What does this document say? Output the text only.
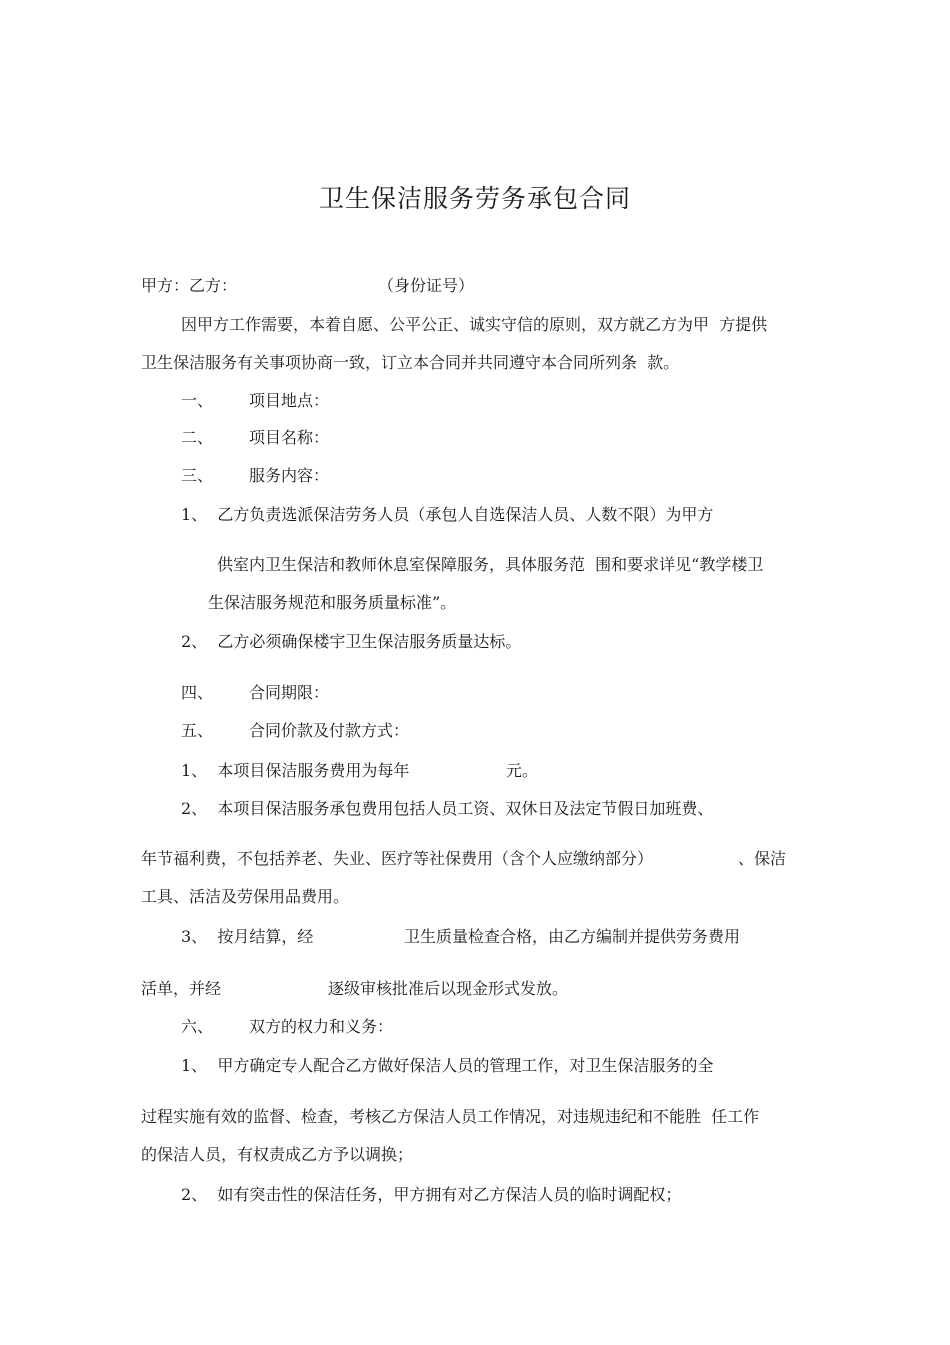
卫生保洁服务劳务承包合同
甲方：乙方：	（身份证号）
因甲方工作需要，本着自愿、公平公正、诚实守信的原则，双方就乙方为甲  方提供
卫生保洁服务有关事项协商一致，订立本合同并共同遵守本合同所列条  款。
一、 项目地点：
二、 项目名称：
三、 服务内容：
1、  乙方负责选派保洁劳务人员（承包人自选保洁人员、人数不限）为甲方
供室内卫生保洁和教师休息室保障服务，具体服务范  围和要求详见“教学楼卫
生保洁服务规范和服务质量标准”。
2、  乙方必须确保楼宇卫生保洁服务质量达标。
四、 合同期限：
五、 合同价款及付款方式：
1、  本项目保洁服务费用为每年	元。
2、  本项目保洁服务承包费用包括人员工资、双休日及法定节假日加班费、
年节福利费，不包括养老、失业、医疗等社保费用（含个人应缴纳部分）	、保洁
工具、活洁及劳保用品费用。
3、  按月结算，经	卫生质量检查合格，由乙方编制并提供劳务费用
活单，并经	逐级审核批准后以现金形式发放。
六、 双方的权力和义务：
1、  甲方确定专人配合乙方做好保洁人员的管理工作，对卫生保洁服务的全
过程实施有效的监督、检查，考核乙方保洁人员工作情况，对违规违纪和不能胜  任工作
的保洁人员，有权责成乙方予以调换；
2、  如有突击性的保洁任务，甲方拥有对乙方保洁人员的临时调配权；
